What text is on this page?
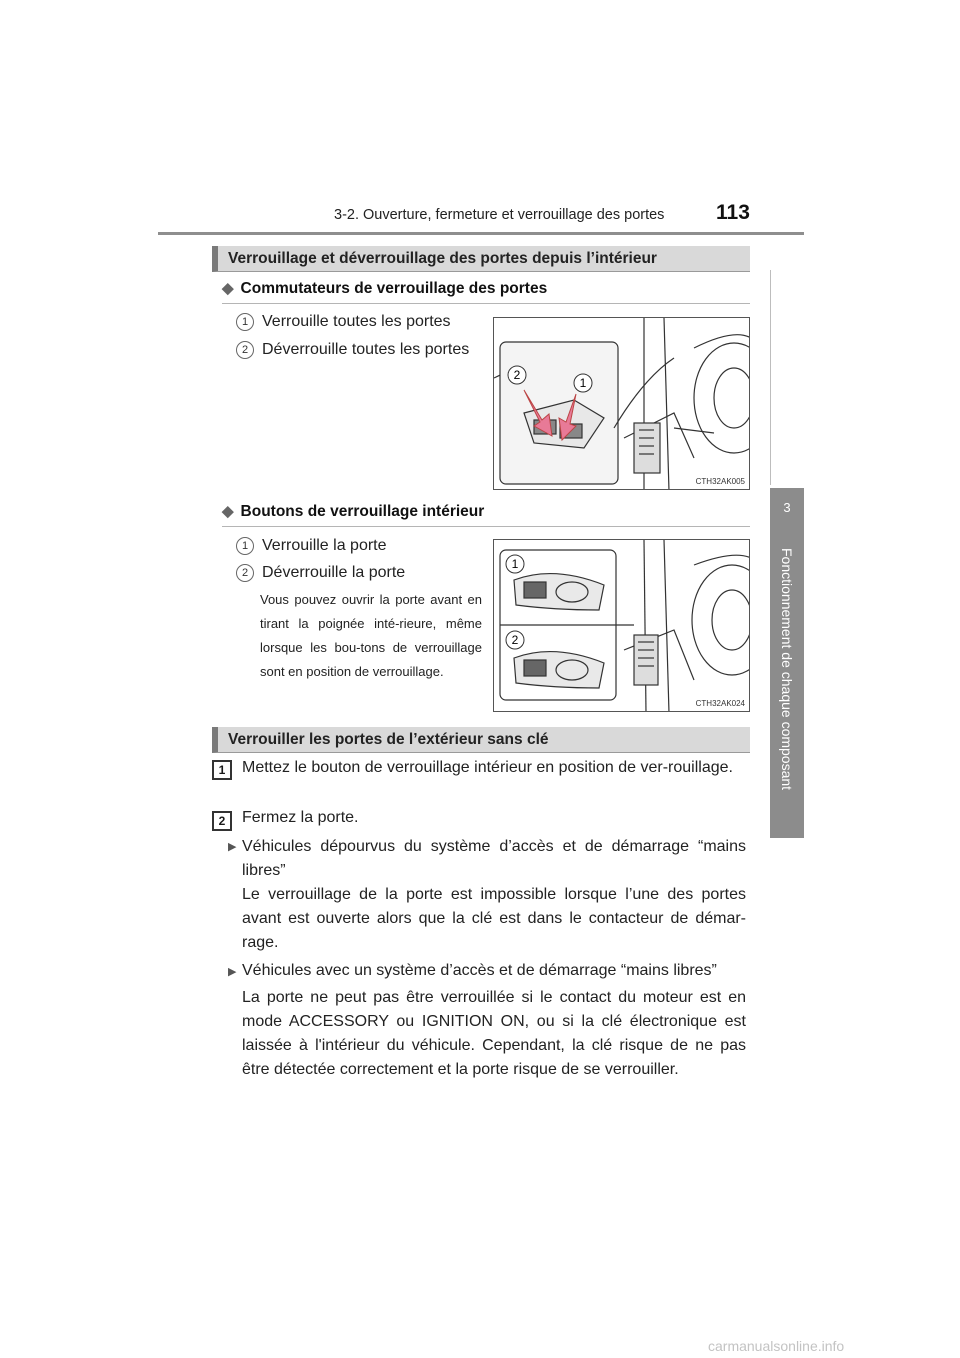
3-2. Ouverture, fermeture et verrouillage des portes 113
3
Fonctionnement de chaque composant
Verrouillage et déverrouillage des portes depuis l’intérieur
◆ Commutateurs de verrouillage des portes
1 Verrouille toutes les portes
2 Déverrouille toutes les portes
2
1
CTH32AK005
◆ Boutons de verrouillage intérieur
1 Verrouille la porte
2 Déverrouille la porte
Vous pouvez ouvrir la porte avant en tirant la poignée inté-rieure, même lorsque les bou-tons de verrouillage sont en position de verrouillage.
1
2
CTH32AK024
Verrouiller les portes de l’extérieur sans clé
1	Mettez le bouton de verrouillage intérieur en position de ver-rouillage.
2	Fermez la porte.
▶ Véhicules dépourvus du système d’accès et de démarrage “mains libres”
Le verrouillage de la porte est impossible lorsque l’une des portes avant est ouverte alors que la clé est dans le contacteur de démar-rage.
▶ Véhicules avec un système d’accès et de démarrage “mains libres”
La porte ne peut pas être verrouillée si le contact du moteur est en mode ACCESSORY ou IGNITION ON, ou si la clé électronique est laissée à l'intérieur du véhicule. Cependant, la clé risque de ne pas être détectée correctement et la porte risque de se verrouiller.
carmanualsonline.info
